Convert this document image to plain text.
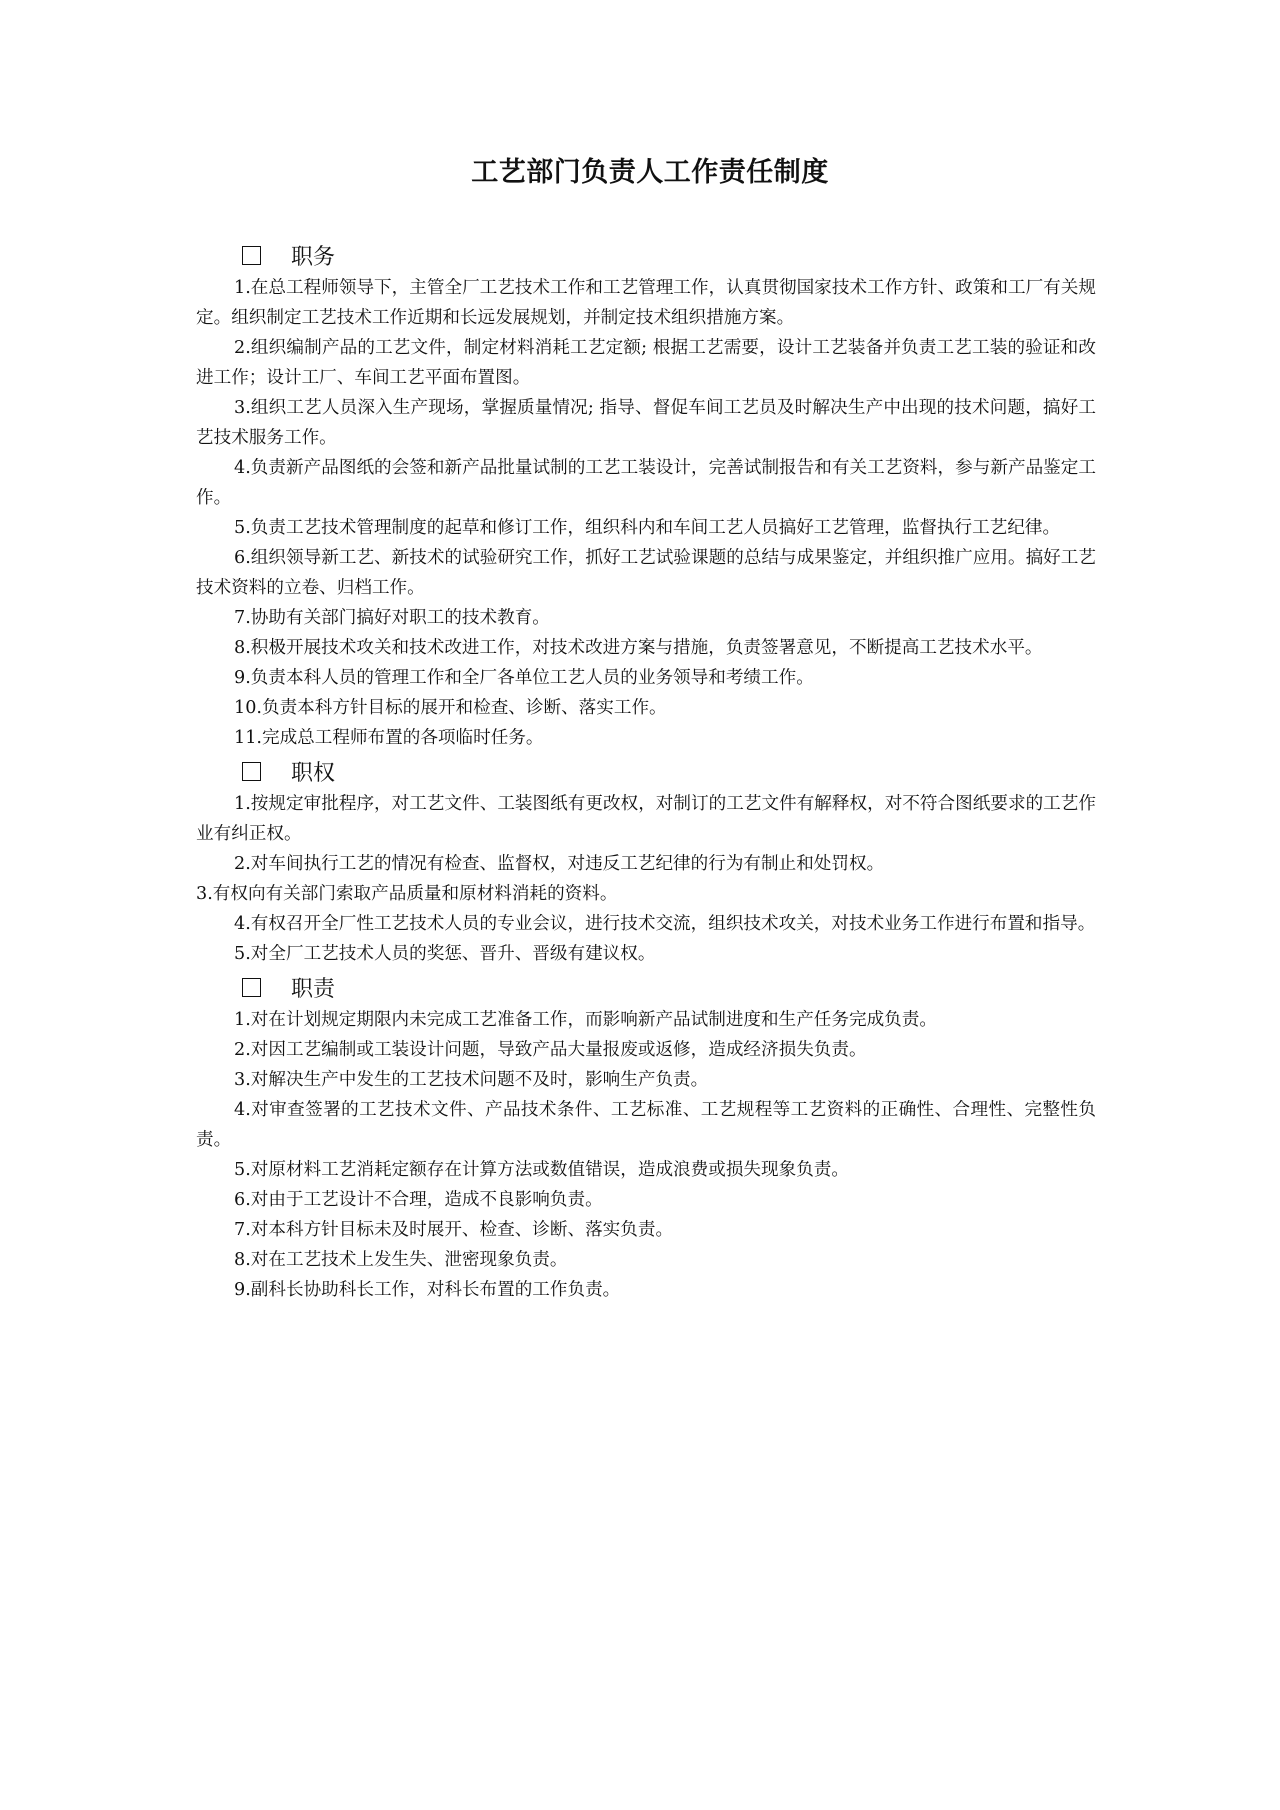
工艺部门负责人工作责任制度
职务

1.在总工程师领导下，主管全厂工艺技术工作和工艺管理工作，认真贯彻国家技术工作方针、政策和工厂有关规定。组织制定工艺技术工作近期和长远发展规划，并制定技术组织措施方案。

2.组织编制产品的工艺文件，制定材料消耗工艺定额; 根据工艺需要，设计工艺装备并负责工艺工装的验证和改进工作；设计工厂、车间工艺平面布置图。

3.组织工艺人员深入生产现场，掌握质量情况; 指导、督促车间工艺员及时解决生产中出现的技术问题，搞好工艺技术服务工作。

4.负责新产品图纸的会签和新产品批量试制的工艺工装设计，完善试制报告和有关工艺资料，参与新产品鉴定工作。

5.负责工艺技术管理制度的起草和修订工作，组织科内和车间工艺人员搞好工艺管理，监督执行工艺纪律。

6.组织领导新工艺、新技术的试验研究工作，抓好工艺试验课题的总结与成果鉴定，并组织推广应用。搞好工艺技术资料的立卷、归档工作。

7.协助有关部门搞好对职工的技术教育。

8.积极开展技术攻关和技术改进工作，对技术改进方案与措施，负责签署意见，不断提高工艺技术水平。

9.负责本科人员的管理工作和全厂各单位工艺人员的业务领导和考绩工作。

10.负责本科方针目标的展开和检查、诊断、落实工作。

11.完成总工程师布置的各项临时任务。

职权

1.按规定审批程序，对工艺文件、工装图纸有更改权，对制订的工艺文件有解释权，对不符合图纸要求的工艺作业有纠正权。

2.对车间执行工艺的情况有检查、监督权，对违反工艺纪律的行为有制止和处罚权。

3.有权向有关部门索取产品质量和原材料消耗的资料。

4.有权召开全厂性工艺技术人员的专业会议，进行技术交流，组织技术攻关，对技术业务工作进行布置和指导。

5.对全厂工艺技术人员的奖惩、晋升、晋级有建议权。

职责

1.对在计划规定期限内未完成工艺准备工作，而影响新产品试制进度和生产任务完成负责。

2.对因工艺编制或工装设计问题，导致产品大量报废或返修，造成经济损失负责。

3.对解决生产中发生的工艺技术问题不及时，影响生产负责。

4.对审查签署的工艺技术文件、产品技术条件、工艺标准、工艺规程等工艺资料的正确性、合理性、完整性负责。

5.对原材料工艺消耗定额存在计算方法或数值错误，造成浪费或损失现象负责。

6.对由于工艺设计不合理，造成不良影响负责。

7.对本科方针目标未及时展开、检查、诊断、落实负责。

8.对在工艺技术上发生失、泄密现象负责。

9.副科长协助科长工作，对科长布置的工作负责。
